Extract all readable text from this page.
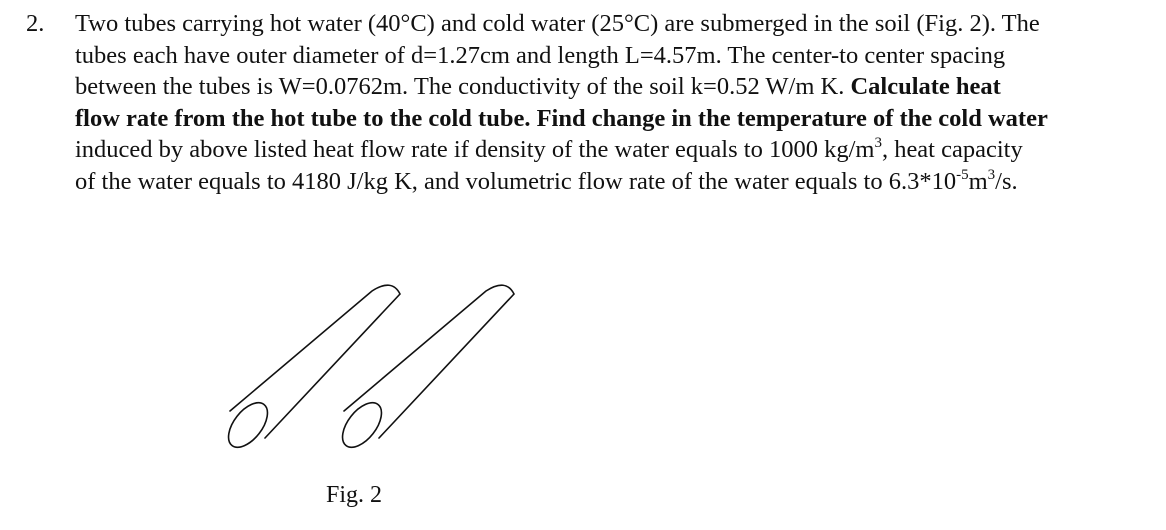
2. Two tubes carrying hot water (40°C) and cold water (25°C) are submerged in the soil (Fig. 2). The
tubes each have outer diameter of d=1.27cm and length L=4.57m. The center-to center spacing
between the tubes is W=0.0762m. The conductivity of the soil k=0.52 W/m K. Calculate heat
flow rate from the hot tube to the cold tube. Find change in the temperature of the cold water
induced by above listed heat flow rate if density of the water equals to 1000 $kg/m^3$, heat capacity
of the water equals to 4180 J/kg K, and volumetric flow rate of the water equals to $6.3*10^{-5}m^3/s$.
Fig. 2
